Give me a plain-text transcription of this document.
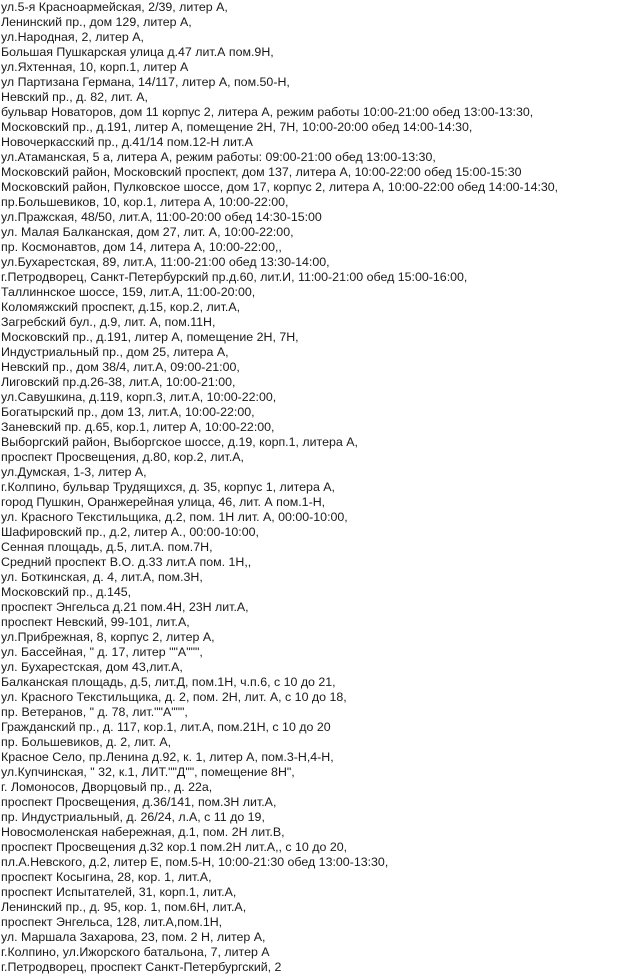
ул.5-я Красноармейская, 2/39, литер А,
Ленинский пр., дом 129, литер А,
ул.Народная, 2, литер А,
Большая Пушкарская улица д.47 лит.А пом.9Н,
ул.Яхтенная, 10, корп.1, литер А
ул Партизана Германа, 14/117, литер А, пом.50-Н,
Невский пр., д. 82, лит. А,
бульвар Новаторов, дом 11 корпус 2, литера А, режим работы 10:00-21:00 обед 13:00-13:30,
Московский пр., д.191, литер А, помещение 2Н, 7Н, 10:00-20:00 обед 14:00-14:30,
Новочеркасский пр., д.41/14 пом.12-Н лит.А
ул.Атаманская, 5 а, литера А, режим работы: 09:00-21:00 обед 13:00-13:30,
Московский район, Московский проспект, дом 137, литера А, 10:00-22:00 обед 15:00-15:30
Московский район, Пулковское шоссе, дом 17, корпус 2, литера А, 10:00-22:00 обед 14:00-14:30,
пр.Большевиков, 10, кор.1, литера А, 10:00-22:00,
ул.Пражская, 48/50, лит.А, 11:00-20:00 обед 14:30-15:00
ул. Малая Балканская, дом 27, лит. А, 10:00-22:00,
пр. Космонавтов, дом 14, литера А, 10:00-22:00,,
ул.Бухарестская, 89, лит.А, 11:00-21:00 обед 13:30-14:00,
г.Петродворец, Санкт-Петербурский пр.д.60, лит.И, 11:00-21:00 обед 15:00-16:00,
Таллиннское шоссе, 159, лит.А, 11:00-20:00,
Коломяжский проспект, д.15, кор.2, лит.А,
Загребский бул., д.9, лит. А, пом.11Н,
Московский пр., д.191, литер А, помещение 2Н, 7Н,
Индустриальный пр., дом 25, литера А,
Невский пр., дом 38/4, лит.А, 09:00-21:00,
Лиговский пр.д.26-38, лит.А, 10:00-21:00,
ул.Савушкина, д.119, корп.3, лит.А, 10:00-22:00,
Богатырский пр., дом 13, лит.А, 10:00-22:00,
Заневский пр. д.65, кор.1, литер А, 10:00-22:00,
Выборгский район, Выборгское шоссе, д.19, корп.1, литера А,
проспект Просвещения, д.80, кор.2, лит.А,
ул.Думская, 1-3, литер А,
г.Колпино, бульвар Трудящихся, д. 35, корпус 1, литера А,
город Пушкин, Оранжерейная улица, 46, лит. А пом.1-Н,
ул. Красного Текстильщика, д.2, пом. 1Н лит. А, 00:00-10:00,
Шафировский пр., д.2, литер А., 00:00-10:00,
Сенная площадь, д.5, лит.А. пом.7Н,
Средний проспект В.О. д.33 лит.А пом. 1Н,,
ул. Боткинская, д. 4, лит.А, пом.3Н,
Московский пр., д.145,
проспект Энгельса д.21 пом.4Н, 23Н лит.А,
проспект Невский, 99-101, лит.А,
ул.Прибрежная, 8, корпус 2, литер А,
ул. Бассейная, " д. 17, литер ""А""",
ул. Бухарестская, дом 43,лит.А,
Балканская площадь, д.5, лит.Д, пом.1Н, ч.п.6, с 10 до 21,
ул. Красного Текстильщика, д. 2, пом. 2Н, лит. А, с 10 до 18,
пр. Ветеранов, " д. 78, лит.""А""",
Гражданский пр., д. 117, кор.1, лит.А, пом.21Н, с 10 до 20
пр. Большевиков, д. 2, лит. А,
Красное Село, пр.Ленина д.92, к. 1, литер А, пом.3-Н,4-Н,
ул.Купчинская, " 32, к.1, ЛИТ.""Д"", помещение 8Н",
г. Ломоносов, Дворцовый пр., д. 22а,
проспект Просвещения, д.36/141, пом.3Н лит.А,
пр. Индустриальный, д. 26/24, л.А, с 11 до 19,
Новосмоленская набережная, д.1, пом. 2Н лит.В,
проспект Просвещения д.32 кор.1 пом.2Н лит.А,, с 10 до 20,
пл.А.Невского, д.2, литер Е, пом.5-Н, 10:00-21:30 обед 13:00-13:30,
проспект Косыгина, 28, кор. 1, лит.А,
проспект Испытателей, 31, корп.1, лит.А,
Ленинский пр., д. 95, кор. 1, пом.6Н, лит.А,
проспект Энгельса, 128, лит.А,пом.1Н,
ул. Маршала Захарова, 23, пом. 2 Н, литер А,
г.Колпино, ул.Ижорского батальона, 7, литер А
г.Петродворец, проспект Санкт-Петербургский, 2
